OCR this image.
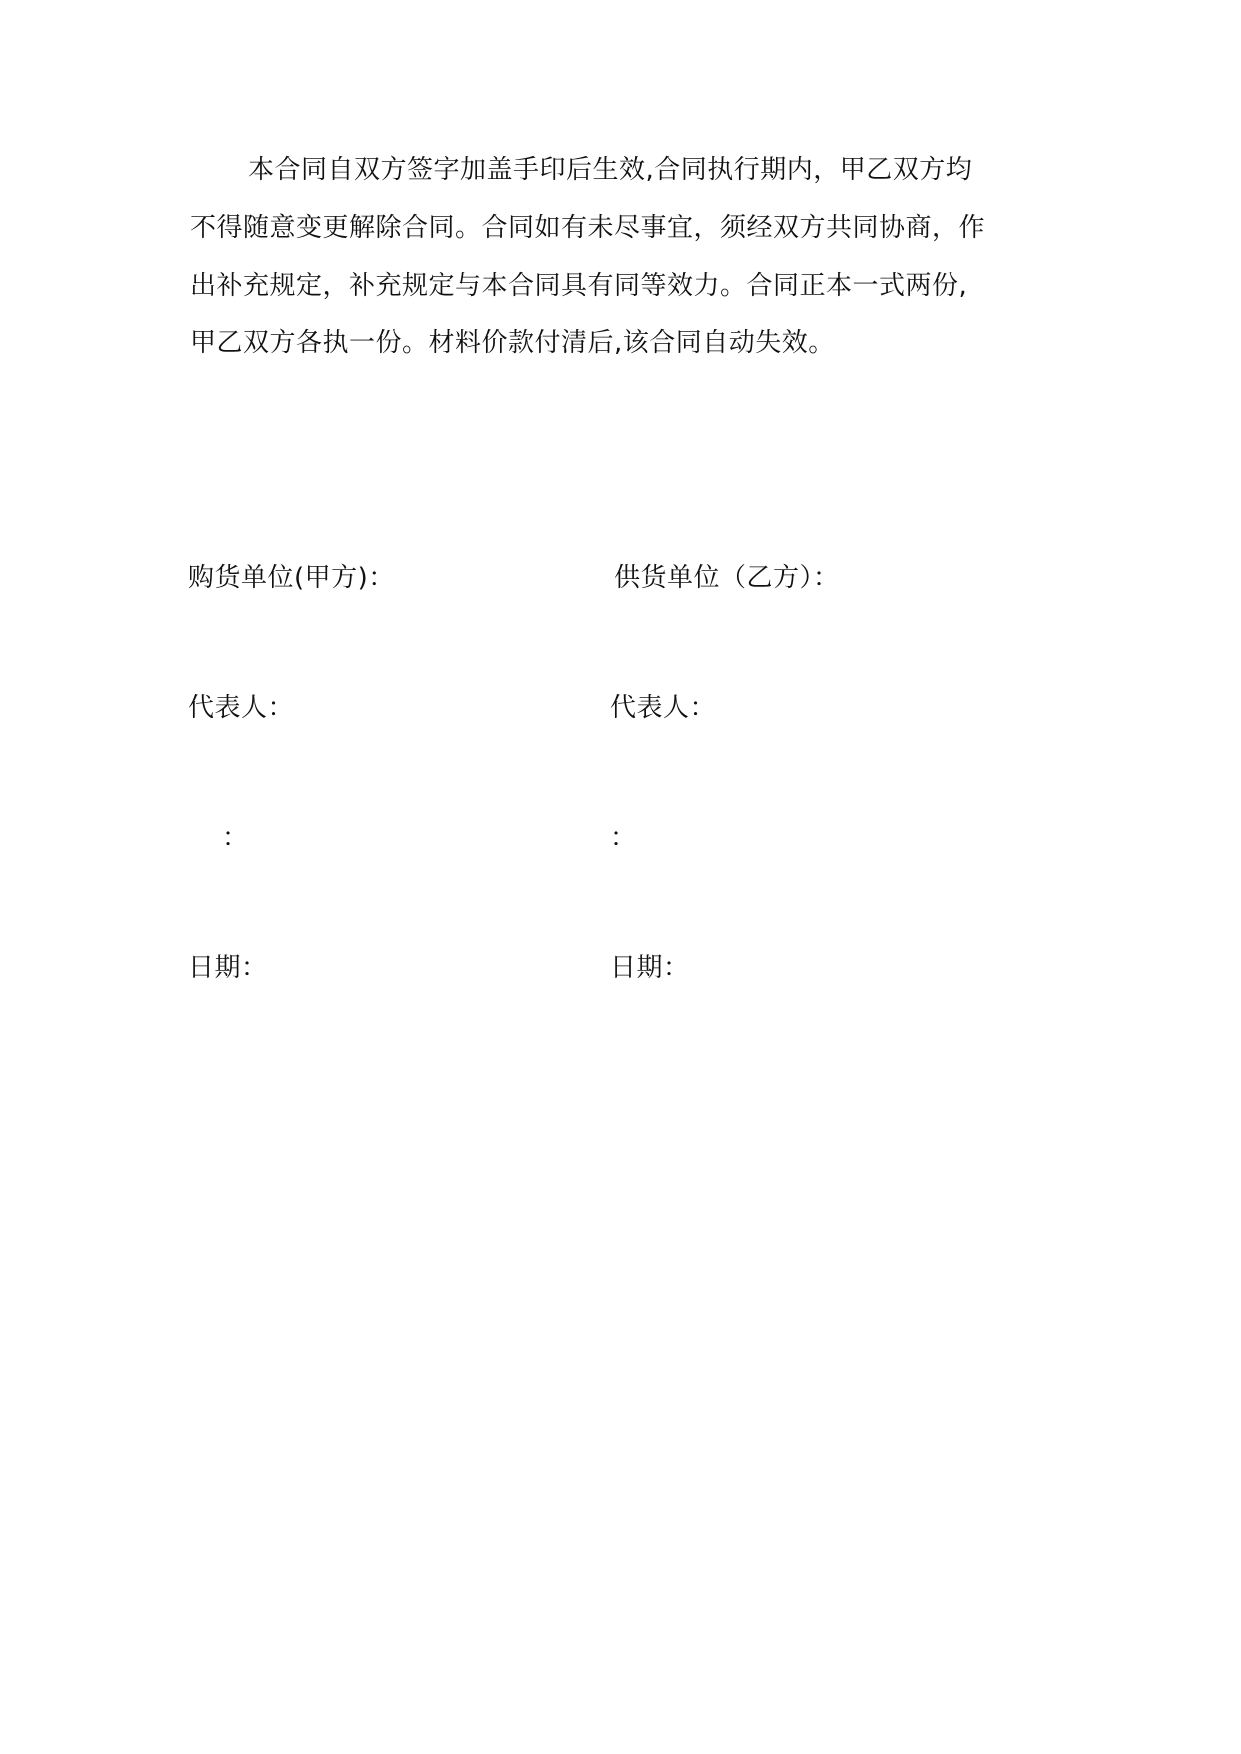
本合同自双方签字加盖手印后生效,合同执行期内，甲乙双方均
不得随意变更解除合同。合同如有未尽事宜，须经双方共同协商，作
出补充规定，补充规定与本合同具有同等效力。合同正本一式两份,
甲乙双方各执一份。材料价款付清后,该合同自动失效。
购货单位(甲方)：
代表人：
：
日期：
供货单位（乙方）：
代表人：
：
日期：
